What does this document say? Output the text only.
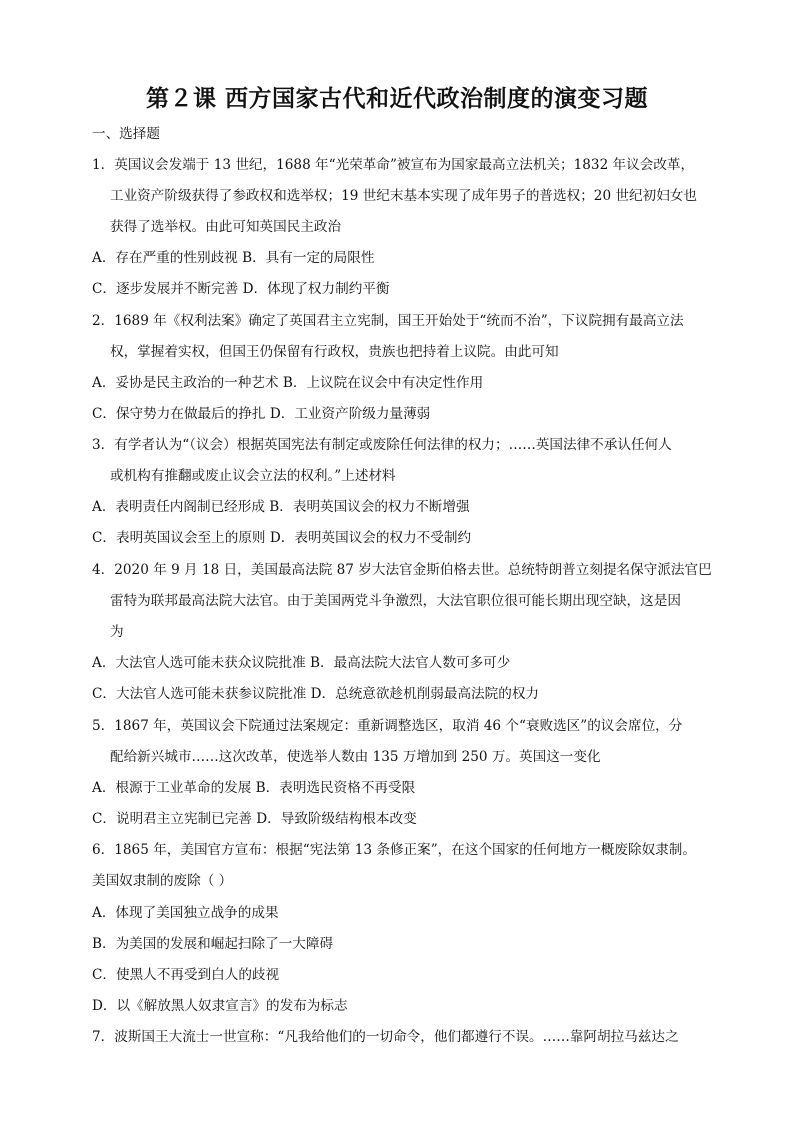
第２课 西方国家古代和近代政治制度的演变习题
一、选择题
1．英国议会发端于 13 世纪，1688 年“光荣革命”被宣布为国家最高立法机关；1832 年议会改革，
工业资产阶级获得了参政权和选举权；19 世纪末基本实现了成年男子的普选权；20 世纪初妇女也
获得了选举权。由此可知英国民主政治
A．存在严重的性别歧视 B．具有一定的局限性
C．逐步发展并不断完善 D．体现了权力制约平衡
2．1689 年《权利法案》确定了英国君主立宪制，国王开始处于“统而不治”，下议院拥有最高立法
权，掌握着实权，但国王仍保留有行政权，贵族也把持着上议院。由此可知
A．妥协是民主政治的一种艺术 B．上议院在议会中有决定性作用
C．保守势力在做最后的挣扎 D．工业资产阶级力量薄弱
3．有学者认为“（议会）根据英国宪法有制定或废除任何法律的权力；……英国法律不承认任何人
或机构有推翻或废止议会立法的权利。”上述材料
A．表明责任内阁制已经形成 B．表明英国议会的权力不断增强
C．表明英国议会至上的原则 D．表明英国议会的权力不受制约
4．2020 年 9 月 18 日，美国最高法院 87 岁大法官金斯伯格去世。总统特朗普立刻提名保守派法官巴
雷特为联邦最高法院大法官。由于美国两党斗争激烈，大法官职位很可能长期出现空缺，这是因
为
A．大法官人选可能未获众议院批准 B．最高法院大法官人数可多可少
C．大法官人选可能未获参议院批准 D．总统意欲趁机削弱最高法院的权力
5．1867 年，英国议会下院通过法案规定：重新调整选区，取消 46 个“衰败选区”的议会席位，分
配给新兴城市……这次改革，使选举人数由 135 万增加到 250 万。英国这一变化
A．根源于工业革命的发展 B．表明选民资格不再受限
C．说明君主立宪制已完善 D．导致阶级结构根本改变
6．1865 年，美国官方宣布：根据“宪法第 13 条修正案”，在这个国家的任何地方一概废除奴隶制。
美国奴隶制的废除（ ）
A．体现了美国独立战争的成果
B．为美国的发展和崛起扫除了一大障碍
C．使黑人不再受到白人的歧视
D．以《解放黑人奴隶宣言》的发布为标志
7．波斯国王大流士一世宣称：“凡我给他们的一切命令，他们都遵行不误。……靠阿胡拉马兹达之
